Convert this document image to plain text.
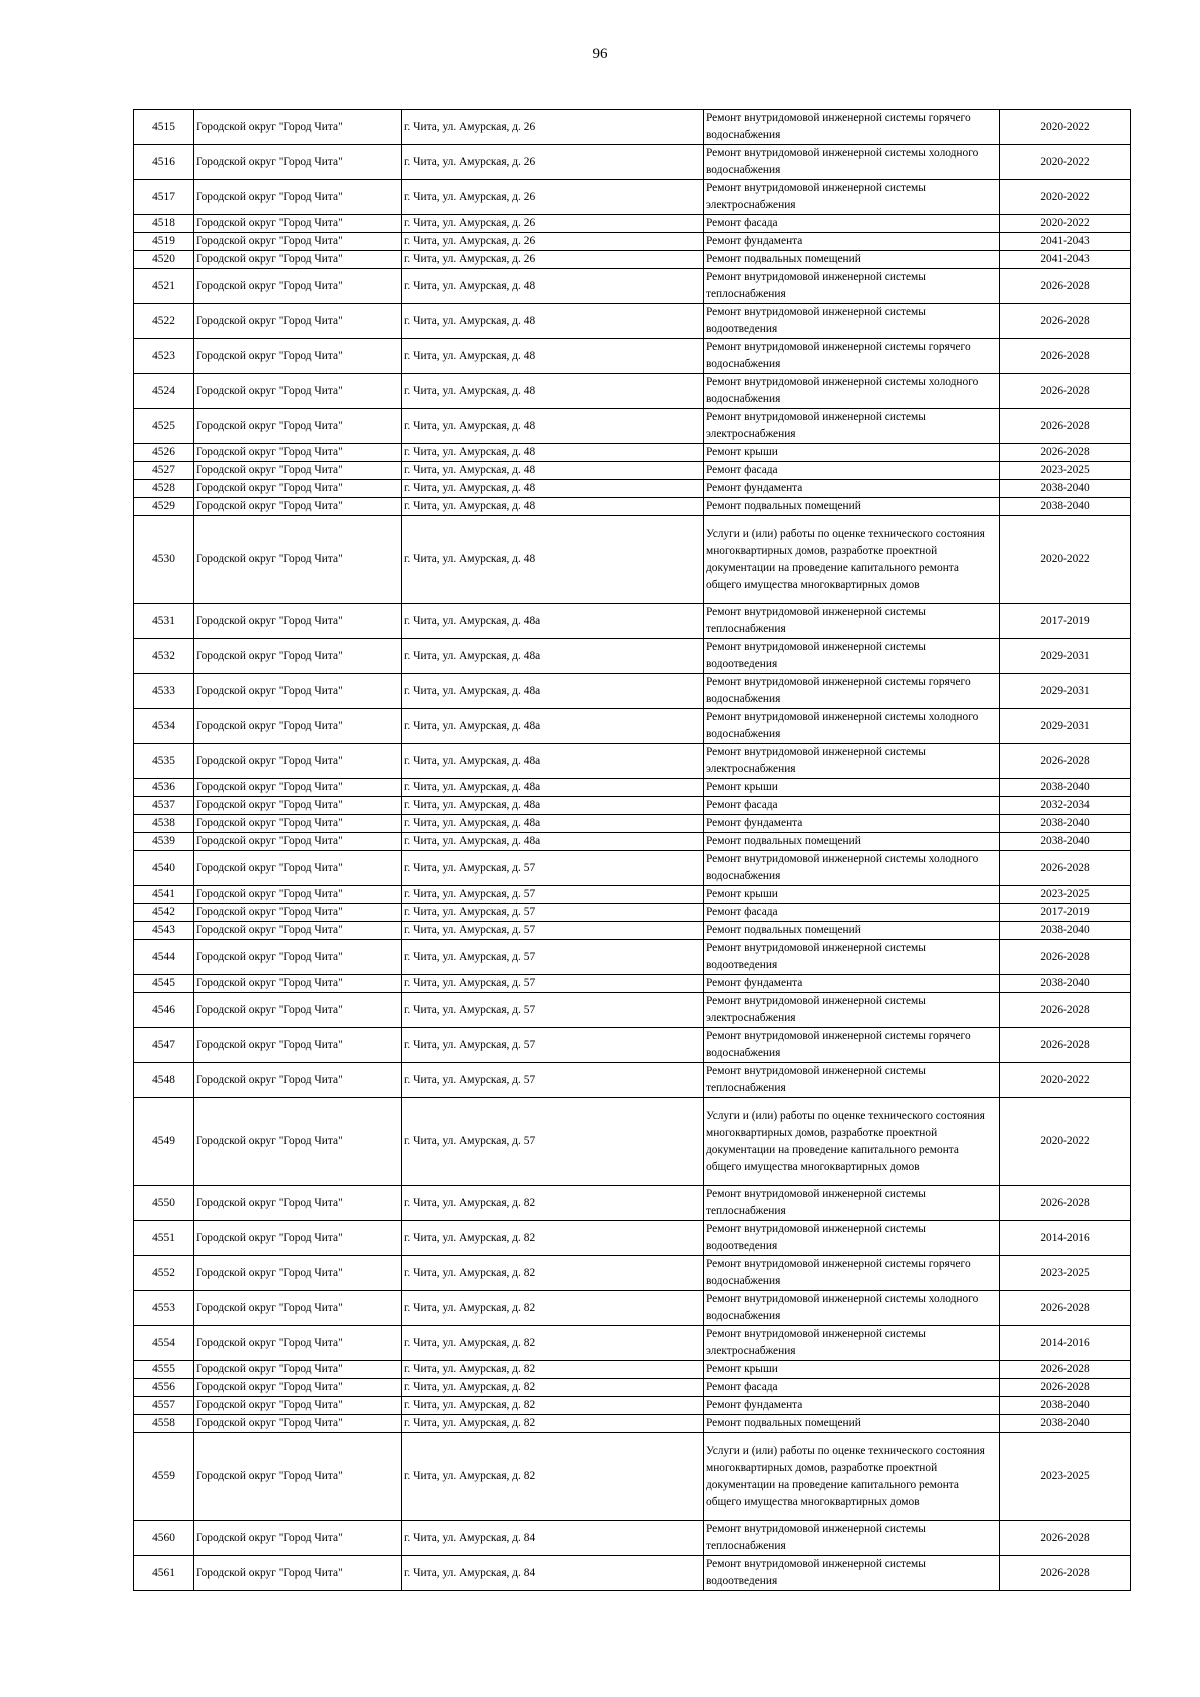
96
4515	Городской округ "Город Чита"	г. Чита, ул. Амурская, д. 26	Ремонт внутридомовой инженерной системы горячего водоснабжения	2020-2022
4516	Городской округ "Город Чита"	г. Чита, ул. Амурская, д. 26	Ремонт внутридомовой инженерной системы холодного водоснабжения	2020-2022
4517	Городской округ "Город Чита"	г. Чита, ул. Амурская, д. 26	Ремонт внутридомовой инженерной системы электроснабжения	2020-2022
4518	Городской округ "Город Чита"	г. Чита, ул. Амурская, д. 26	Ремонт фасада	2020-2022
4519	Городской округ "Город Чита"	г. Чита, ул. Амурская, д. 26	Ремонт фундамента	2041-2043
4520	Городской округ "Город Чита"	г. Чита, ул. Амурская, д. 26	Ремонт подвальных помещений	2041-2043
4521	Городской округ "Город Чита"	г. Чита, ул. Амурская, д. 48	Ремонт внутридомовой инженерной системы теплоснабжения	2026-2028
4522	Городской округ "Город Чита"	г. Чита, ул. Амурская, д. 48	Ремонт внутридомовой инженерной системы водоотведения	2026-2028
4523	Городской округ "Город Чита"	г. Чита, ул. Амурская, д. 48	Ремонт внутридомовой инженерной системы горячего водоснабжения	2026-2028
4524	Городской округ "Город Чита"	г. Чита, ул. Амурская, д. 48	Ремонт внутридомовой инженерной системы холодного водоснабжения	2026-2028
4525	Городской округ "Город Чита"	г. Чита, ул. Амурская, д. 48	Ремонт внутридомовой инженерной системы электроснабжения	2026-2028
4526	Городской округ "Город Чита"	г. Чита, ул. Амурская, д. 48	Ремонт крыши	2026-2028
4527	Городской округ "Город Чита"	г. Чита, ул. Амурская, д. 48	Ремонт фасада	2023-2025
4528	Городской округ "Город Чита"	г. Чита, ул. Амурская, д. 48	Ремонт фундамента	2038-2040
4529	Городской округ "Город Чита"	г. Чита, ул. Амурская, д. 48	Ремонт подвальных помещений	2038-2040
4530	Городской округ "Город Чита"	г. Чита, ул. Амурская, д. 48	Услуги и (или) работы по оценке технического состояния многоквартирных домов, разработке проектной документации на проведение капитального ремонта общего имущества многоквартирных домов	2020-2022
4531	Городской округ "Город Чита"	г. Чита, ул. Амурская, д. 48а	Ремонт внутридомовой инженерной системы теплоснабжения	2017-2019
4532	Городской округ "Город Чита"	г. Чита, ул. Амурская, д. 48а	Ремонт внутридомовой инженерной системы водоотведения	2029-2031
4533	Городской округ "Город Чита"	г. Чита, ул. Амурская, д. 48а	Ремонт внутридомовой инженерной системы горячего водоснабжения	2029-2031
4534	Городской округ "Город Чита"	г. Чита, ул. Амурская, д. 48а	Ремонт внутридомовой инженерной системы холодного водоснабжения	2029-2031
4535	Городской округ "Город Чита"	г. Чита, ул. Амурская, д. 48а	Ремонт внутридомовой инженерной системы электроснабжения	2026-2028
4536	Городской округ "Город Чита"	г. Чита, ул. Амурская, д. 48а	Ремонт крыши	2038-2040
4537	Городской округ "Город Чита"	г. Чита, ул. Амурская, д. 48а	Ремонт фасада	2032-2034
4538	Городской округ "Город Чита"	г. Чита, ул. Амурская, д. 48а	Ремонт фундамента	2038-2040
4539	Городской округ "Город Чита"	г. Чита, ул. Амурская, д. 48а	Ремонт подвальных помещений	2038-2040
4540	Городской округ "Город Чита"	г. Чита, ул. Амурская, д. 57	Ремонт внутридомовой инженерной системы холодного водоснабжения	2026-2028
4541	Городской округ "Город Чита"	г. Чита, ул. Амурская, д. 57	Ремонт крыши	2023-2025
4542	Городской округ "Город Чита"	г. Чита, ул. Амурская, д. 57	Ремонт фасада	2017-2019
4543	Городской округ "Город Чита"	г. Чита, ул. Амурская, д. 57	Ремонт подвальных помещений	2038-2040
4544	Городской округ "Город Чита"	г. Чита, ул. Амурская, д. 57	Ремонт внутридомовой инженерной системы водоотведения	2026-2028
4545	Городской округ "Город Чита"	г. Чита, ул. Амурская, д. 57	Ремонт фундамента	2038-2040
4546	Городской округ "Город Чита"	г. Чита, ул. Амурская, д. 57	Ремонт внутридомовой инженерной системы электроснабжения	2026-2028
4547	Городской округ "Город Чита"	г. Чита, ул. Амурская, д. 57	Ремонт внутридомовой инженерной системы горячего водоснабжения	2026-2028
4548	Городской округ "Город Чита"	г. Чита, ул. Амурская, д. 57	Ремонт внутридомовой инженерной системы теплоснабжения	2020-2022
4549	Городской округ "Город Чита"	г. Чита, ул. Амурская, д. 57	Услуги и (или) работы по оценке технического состояния многоквартирных домов, разработке проектной документации на проведение капитального ремонта общего имущества многоквартирных домов	2020-2022
4550	Городской округ "Город Чита"	г. Чита, ул. Амурская, д. 82	Ремонт внутридомовой инженерной системы теплоснабжения	2026-2028
4551	Городской округ "Город Чита"	г. Чита, ул. Амурская, д. 82	Ремонт внутридомовой инженерной системы водоотведения	2014-2016
4552	Городской округ "Город Чита"	г. Чита, ул. Амурская, д. 82	Ремонт внутридомовой инженерной системы горячего водоснабжения	2023-2025
4553	Городской округ "Город Чита"	г. Чита, ул. Амурская, д. 82	Ремонт внутридомовой инженерной системы холодного водоснабжения	2026-2028
4554	Городской округ "Город Чита"	г. Чита, ул. Амурская, д. 82	Ремонт внутридомовой инженерной системы электроснабжения	2014-2016
4555	Городской округ "Город Чита"	г. Чита, ул. Амурская, д. 82	Ремонт крыши	2026-2028
4556	Городской округ "Город Чита"	г. Чита, ул. Амурская, д. 82	Ремонт фасада	2026-2028
4557	Городской округ "Город Чита"	г. Чита, ул. Амурская, д. 82	Ремонт фундамента	2038-2040
4558	Городской округ "Город Чита"	г. Чита, ул. Амурская, д. 82	Ремонт подвальных помещений	2038-2040
4559	Городской округ "Город Чита"	г. Чита, ул. Амурская, д. 82	Услуги и (или) работы по оценке технического состояния многоквартирных домов, разработке проектной документации на проведение капитального ремонта общего имущества многоквартирных домов	2023-2025
4560	Городской округ "Город Чита"	г. Чита, ул. Амурская, д. 84	Ремонт внутридомовой инженерной системы теплоснабжения	2026-2028
4561	Городской округ "Город Чита"	г. Чита, ул. Амурская, д. 84	Ремонт внутридомовой инженерной системы водоотведения	2026-2028
